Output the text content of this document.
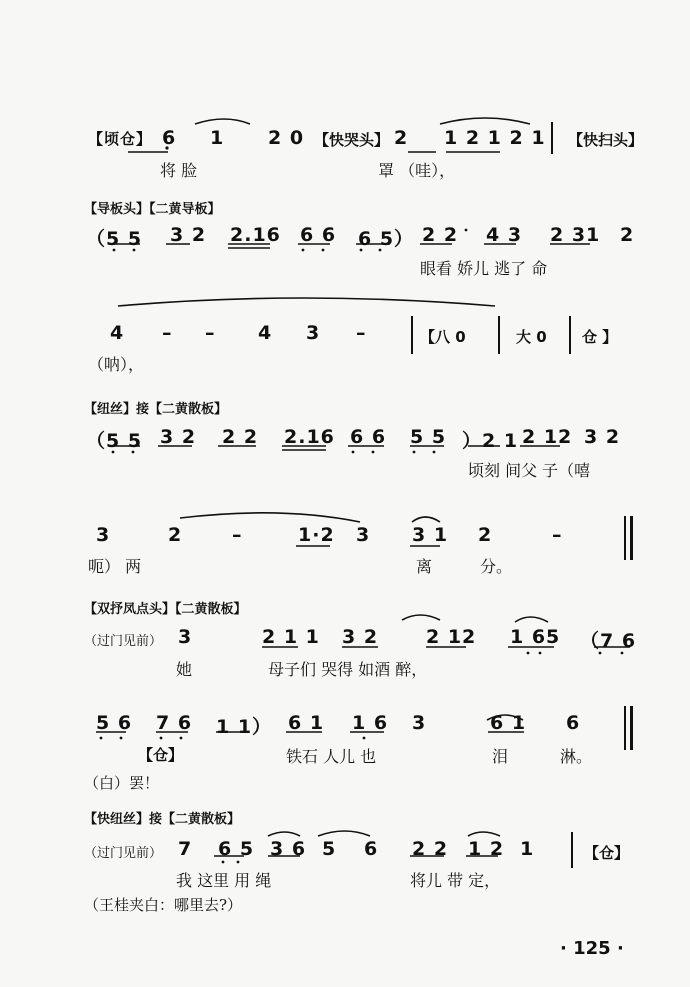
【顷仓】 6 1 2 0 【快哭头】 2 1 2 1 2 1 【快扫头】
将 脸	罩 （哇），
【导板头】【二黄导板】
（5 5 3 2 2.16 6 6 6 5） 2 2 4 3 2 31 2
眼看 娇儿 逃了 命
4 – – 4 3 –	【八 0	大 0 仓 】
（呐），
【纽丝】接【二黄散板】
（5 5 3 2 2 2 2.16 6 6 5 5 ）2 1 2 12 3 2
顷刻 间父 子（嘻
3	2	–	1·2 3 3 1 2	–
呃） 两	离	分。
【双抒凤点头】【二黄散板】
（过门见前） 3	2 1 1 3 2	2 12 1 65 （7 6
她	母子们 哭得 如酒 醉，
5 6 7 6 1 1） 6 1 1 6 3	6 1 6
【仓】	铁石 人儿 也	泪	淋。
（白）罢！
【快纽丝】接【二黄散板】
（过门见前） 7 6 5 3 6 5 6 2 2 1 2 1	【仓】
我 这里 用 绳	将儿 带 定，
（王桂夹白：哪里去?）
· 125 ·
